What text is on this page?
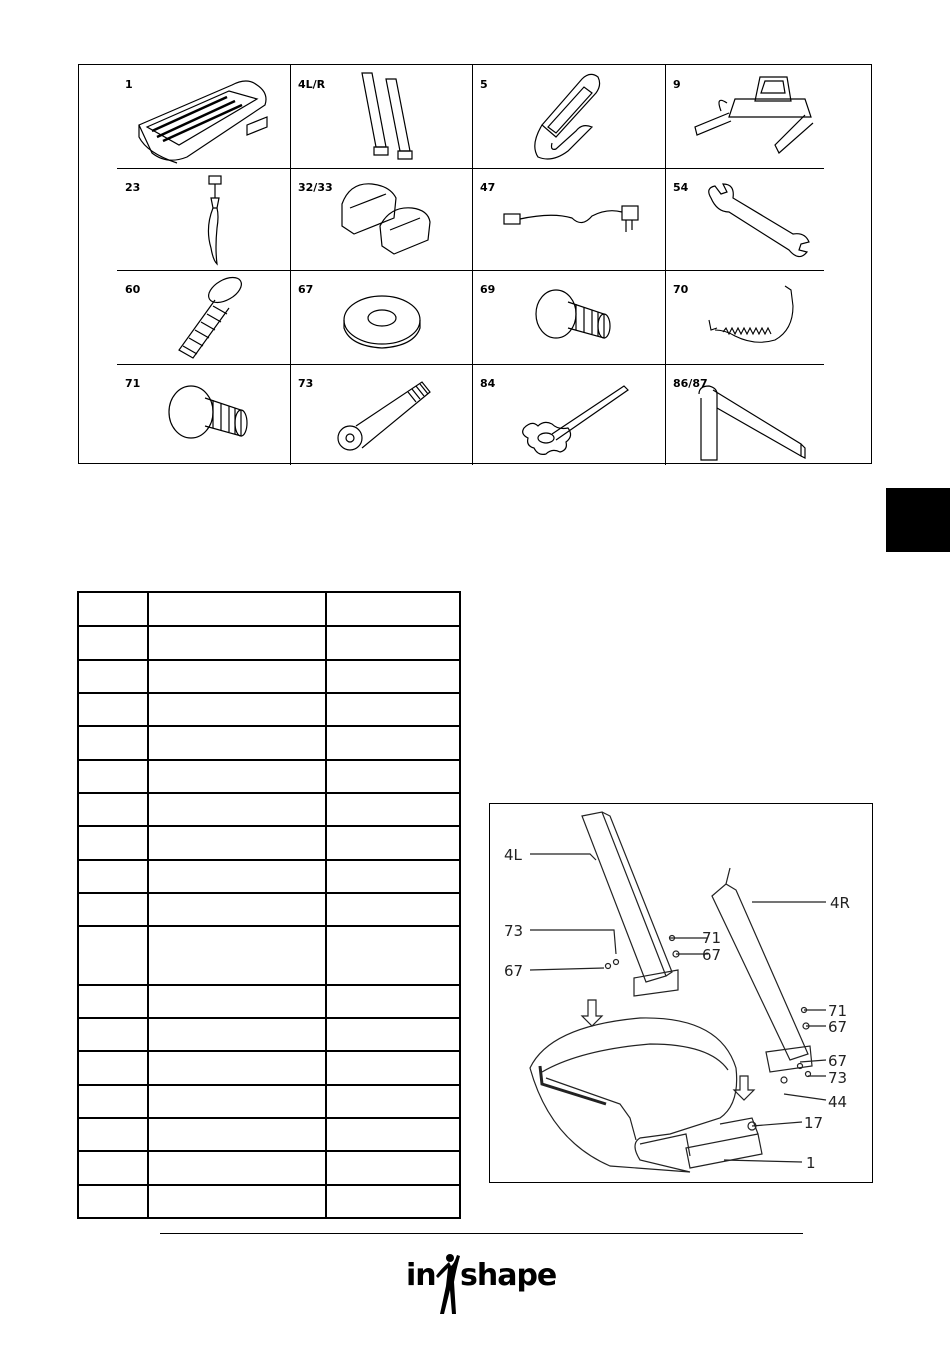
1	4L/R	5	9
23	32/33	47	54
60	67	69	70
71	73	84	86/87
4L
4R
73	71
67
67
71
67
67
73
44
17
1
in shape
